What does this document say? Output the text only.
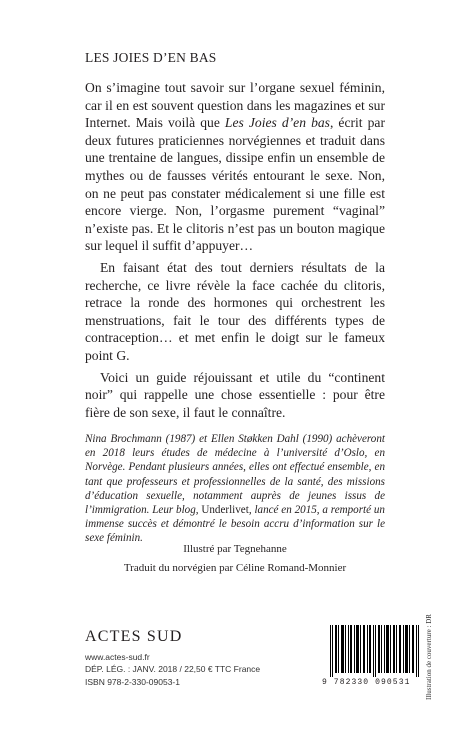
LES JOIES D’EN BAS

On s’imagine tout savoir sur l’organe sexuel féminin, car il en est souvent question dans les magazines et sur Internet. Mais voilà que Les Joies d’en bas, écrit par deux futures praticiennes norvégiennes et traduit dans une trentaine de langues, dissipe enfin un ensemble de mythes ou de fausses vérités entourant le sexe. Non, on ne peut pas constater médicalement si une fille est encore vierge. Non, l’orgasme purement “vaginal” n’existe pas. Et le clitoris n’est pas un bouton magique sur lequel il suffit d’appuyer…

En faisant état des tout derniers résultats de la recherche, ce livre révèle la face cachée du clitoris, retrace la ronde des hormones qui orchestrent les menstruations, fait le tour des différents types de contraception… et met enfin le doigt sur le fameux point G.

Voici un guide réjouissant et utile du “continent noir” qui rappelle une chose essentielle : pour être fière de son sexe, il faut le connaître.

Nina Brochmann (1987) et Ellen Støkken Dahl (1990) achèveront en 2018 leurs études de médecine à l’université d’Oslo, en Norvège. Pendant plusieurs années, elles ont effectué ensemble, en tant que professeurs et professionnelles de la santé, des missions d’éducation sexuelle, notamment auprès de jeunes issus de l’immigration. Leur blog, Underlivet, lancé en 2015, a remporté un immense succès et démontré le besoin accru d’information sur le sexe féminin.
Illustré par Tegnehanne
Traduit du norvégien par Céline Romand-Monnier
ACTES SUD
www.actes-sud.fr
DÉP. LÉG. : JANV. 2018 / 22,50 € TTC France
ISBN 978-2-330-09053-1	9 782330 090531	Illustration de couverture : DR
